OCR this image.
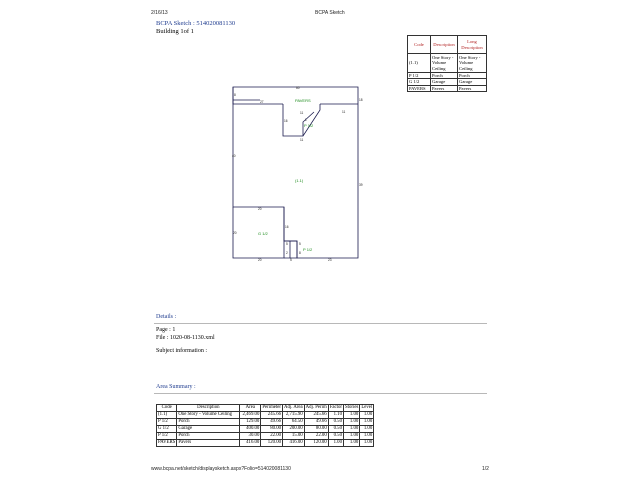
2/16/13	BCPA Sketch
BCPA Sketch : 514020081130
Building 1of 1
Code	Description	Long Description
(1.1)	One Story - Volume Ceiling	One Story - Volume Ceiling
P 1/2	Porch	Porch
G 1/2	Garage	Garage
PAVERS	Pavers	Pavers
60
27	18
8
16
11	11
11
1
40
39
20
20
16
5	5
20	5	23
2	8
PAVERS
P 1/2
(1.1)
G 1/2
P 1/2
Details :
Page : 1
File : 1020-08-1130.xml
Subject information :
Area Summary :
Code	Description	Area	Perimeter	Adj. Area	Adj. Perim	Factor	Stories	Level
(1.1)	One Story - Volume Ceiling	2,469.00	245.66	2,715.90	245.66	1.10	1.00	1.00
P 1/2	Porch	129.00	49.66	64.50	49.66	0.50	1.00	1.00
G 1/2	Garage	400.00	80.00	200.00	80.00	0.50	1.00	1.00
P 1/2	Porch	30.00	22.00	15.00	22.00	0.50	1.00	1.00
PAVERS	Pavers	416.00	120.00	416.00	120.00	1.00	1.00	1.00
www.bcpa.net/sketch/displaysketch.aspx?Folio=514020081130	1/2
